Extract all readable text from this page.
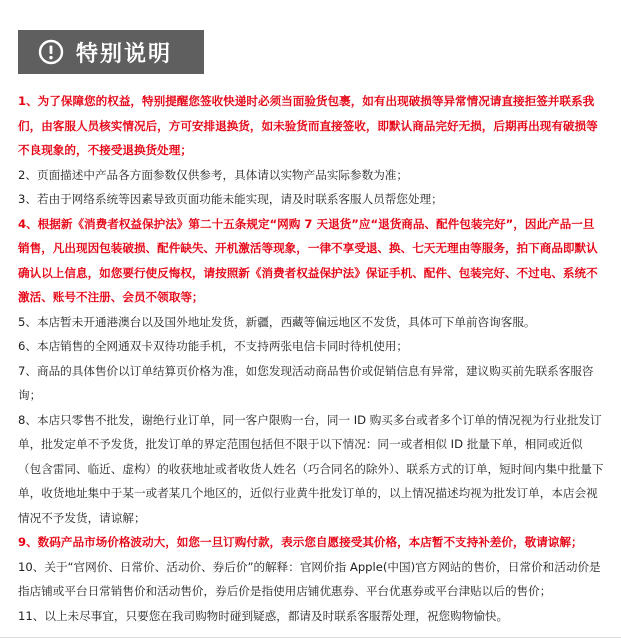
特别说明

1、为了保障您的权益，特别提醒您签收快递时必须当面验货包裹，如有出现破损等异常情况请直接拒签并联系我们，由客服人员核实情况后，方可安排退换货，如未验货而直接签收，即默认商品完好无损，后期再出现有破损等不良现象的，不接受退换货处理；

2、页面描述中产品各方面参数仅供参考，具体请以实物产品实际参数为准；

3、若由于网络系统等因素导致页面功能未能实现，请及时联系客服人员帮您处理；

4、根据新《消费者权益保护法》第二十五条规定“网购 7 天退货”应“退货商品、配件包装完好”，因此产品一旦销售，凡出现因包装破损、配件缺失、开机激活等现象，一律不享受退、换、七天无理由等服务，拍下商品即默认确认以上信息，如您要行使反悔权，请按照新《消费者权益保护法》保证手机、配件、包装完好、不过电、系统不激活、账号不注册、会员不领取等；

5、本店暂未开通港澳台以及国外地址发货，新疆，西藏等偏远地区不发货，具体可下单前咨询客服。

6、本店销售的全网通双卡双待功能手机，不支持两张电信卡同时待机使用；

7、商品的具体售价以订单结算页价格为准，如您发现活动商品售价或促销信息有异常，建议购买前先联系客服咨询；

8、本店只零售不批发，谢绝行业订单，同一客户限购一台，同一 ID 购买多台或者多个订单的情况视为行业批发订单，批发定单不予发货，批发订单的界定范围包括但不限于以下情况：同一或者相似 ID 批量下单，相同或近似（包含雷同、临近、虚构）的收获地址或者收货人姓名（巧合同名的除外）、联系方式的订单，短时间内集中批量下单，收货地址集中于某一或者某几个地区的，近似行业黄牛批发订单的，以上情况描述均视为批发订单，本店会视情况不予发货，请谅解；

9、数码产品市场价格波动大，如您一旦订购付款，表示您自愿接受其价格，本店暂不支持补差价，敬请谅解；

10、关于“官网价、日常价、活动价、券后价”的解释：官网价指 Apple(中国)官方网站的售价，日常价和活动价是指店铺或平台日常销售价和活动售价，券后价是指使用店铺优惠券、平台优惠券或平台津贴以后的售价；

11、以上未尽事宜，只要您在我司购物时碰到疑惑，都请及时联系客服帮处理，祝您购物愉快。
